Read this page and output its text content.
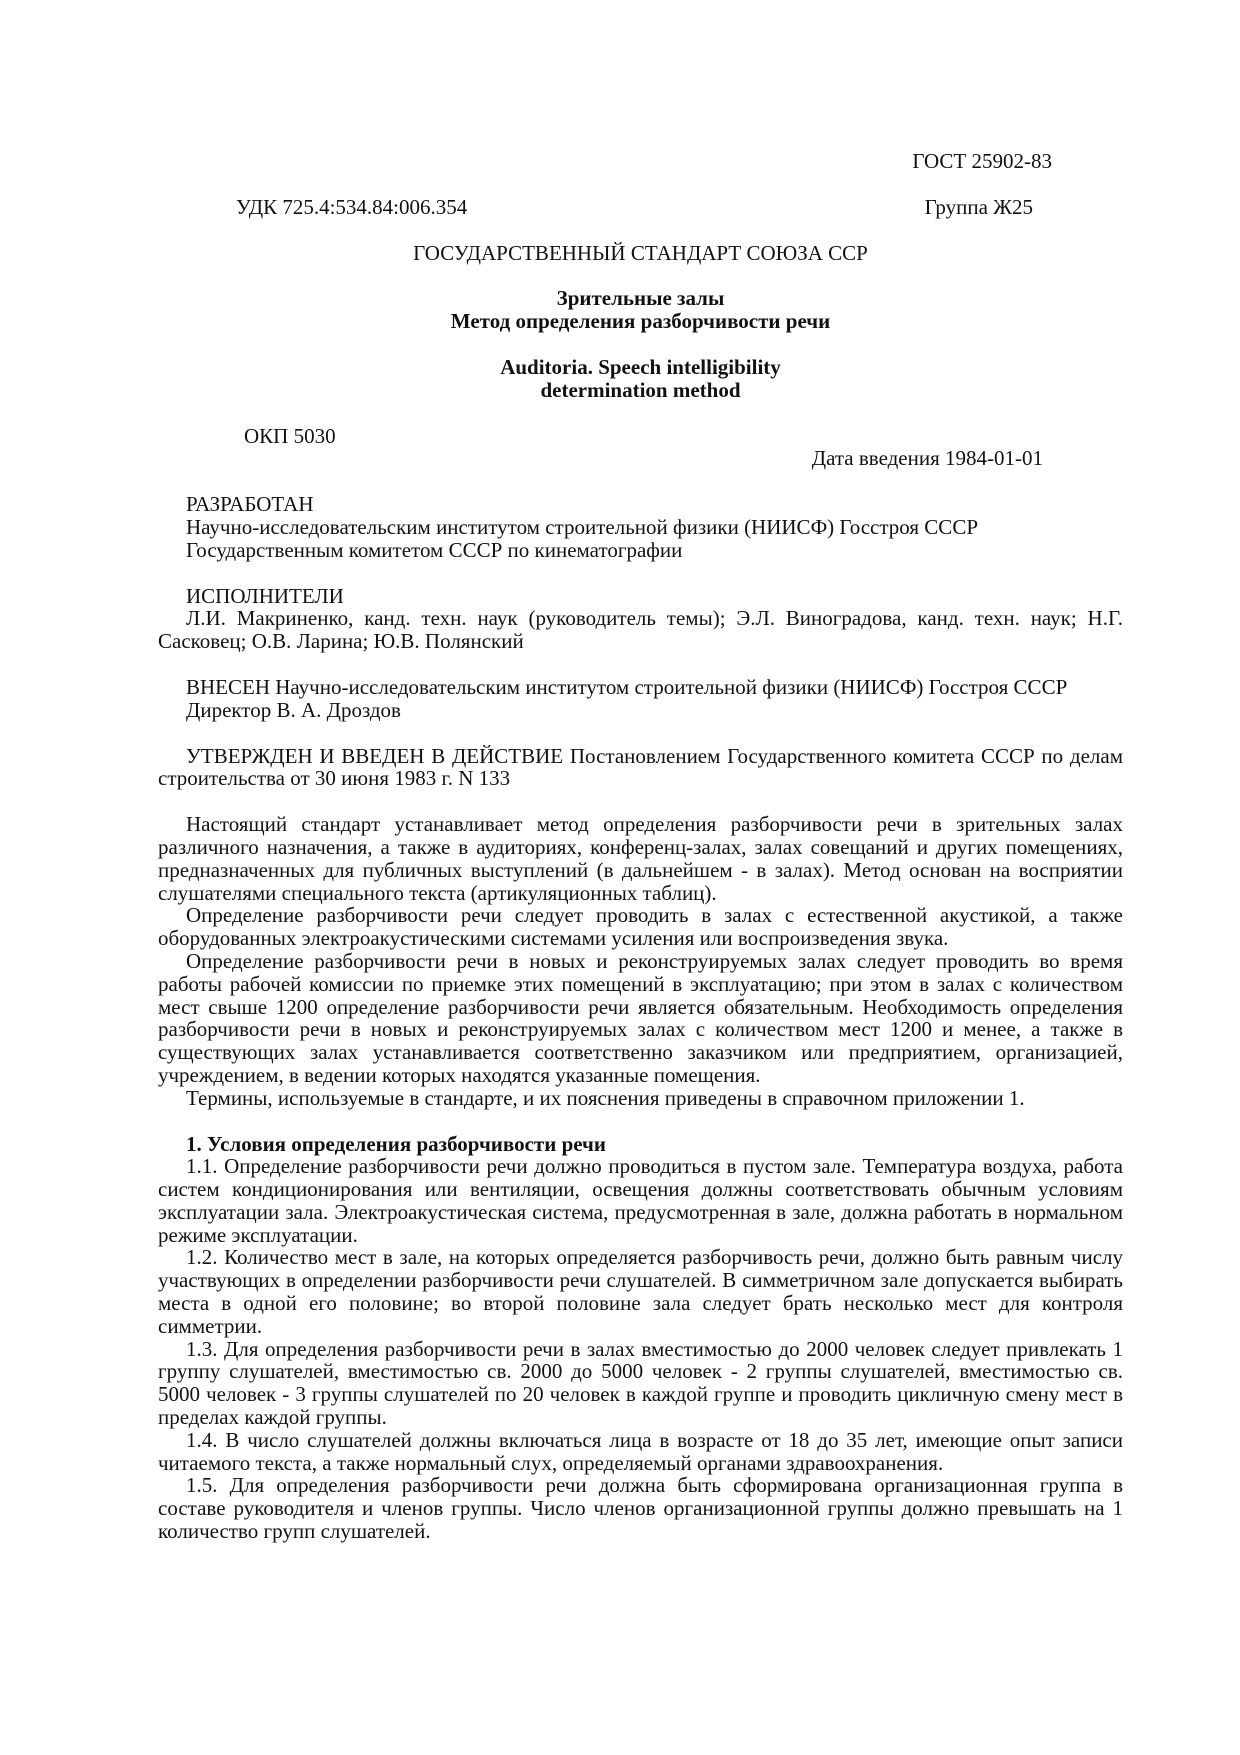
ГОСТ 25902-83
УДК 725.4:534.84:006.354	Группа Ж25
ГОСУДАРСТВЕННЫЙ СТАНДАРТ СОЮЗА ССР
Зрительные залы
Метод определения разборчивости речи
Auditoria. Speech intelligibility
determination method
ОКП 5030
Дата введения 1984-01-01
РАЗРАБОТАН
Научно-исследовательским институтом строительной физики (НИИСФ) Госстроя СССР
Государственным комитетом СССР по кинематографии
ИСПОЛНИТЕЛИ

Л.И. Макриненко, канд. техн. наук (руководитель темы); Э.Л. Виноградова, канд. техн. наук; Н.Г. Сасковец; О.В. Ларина; Ю.В. Полянский

ВНЕСЕН Научно-исследовательским институтом строительной физики (НИИСФ) Госстроя СССР

Директор В. А. Дроздов

УТВЕРЖДЕН И ВВЕДЕН В ДЕЙСТВИЕ Постановлением Государственного комитета СССР по делам строительства от 30 июня 1983 г. N 133

Настоящий стандарт устанавливает метод определения разборчивости речи в зрительных залах различного назначения, а также в аудиториях, конференц-залах, залах совещаний и других помещениях, предназначенных для публичных выступлений (в дальнейшем - в залах). Метод основан на восприятии слушателями специального текста (артикуляционных таблиц).

Определение разборчивости речи следует проводить в залах с естественной акустикой, а также оборудованных электроакустическими системами усиления или воспроизведения звука.

Определение разборчивости речи в новых и реконструируемых залах следует проводить во время работы рабочей комиссии по приемке этих помещений в эксплуатацию; при этом в залах с количеством мест свыше 1200 определение разборчивости речи является обязательным. Необходимость определения разборчивости речи в новых и реконструируемых залах с количеством мест 1200 и менее, а также в существующих залах устанавливается соответственно заказчиком или предприятием, организацией, учреждением, в ведении которых находятся указанные помещения.

Термины, используемые в стандарте, и их пояснения приведены в справочном приложении 1.

1. Условия определения разборчивости речи

1.1. Определение разборчивости речи должно проводиться в пустом зале. Температура воздуха, работа систем кондиционирования или вентиляции, освещения должны соответствовать обычным условиям эксплуатации зала. Электроакустическая система, предусмотренная в зале, должна работать в нормальном режиме эксплуатации.

1.2. Количество мест в зале, на которых определяется разборчивость речи, должно быть равным числу участвующих в определении разборчивости речи слушателей. В симметричном зале допускается выбирать места в одной его половине; во второй половине зала следует брать несколько мест для контроля симметрии.

1.3. Для определения разборчивости речи в залах вместимостью до 2000 человек следует привлекать 1 группу слушателей, вместимостью св. 2000 до 5000 человек - 2 группы слушателей, вместимостью св. 5000 человек - 3 группы слушателей по 20 человек в каждой группе и проводить цикличную смену мест в пределах каждой группы.

1.4. В число слушателей должны включаться лица в возрасте от 18 до 35 лет, имеющие опыт записи читаемого текста, а также нормальный слух, определяемый органами здравоохранения.

1.5. Для определения разборчивости речи должна быть сформирована организационная группа в составе руководителя и членов группы. Число членов организационной группы должно превышать на 1 количество групп слушателей.
